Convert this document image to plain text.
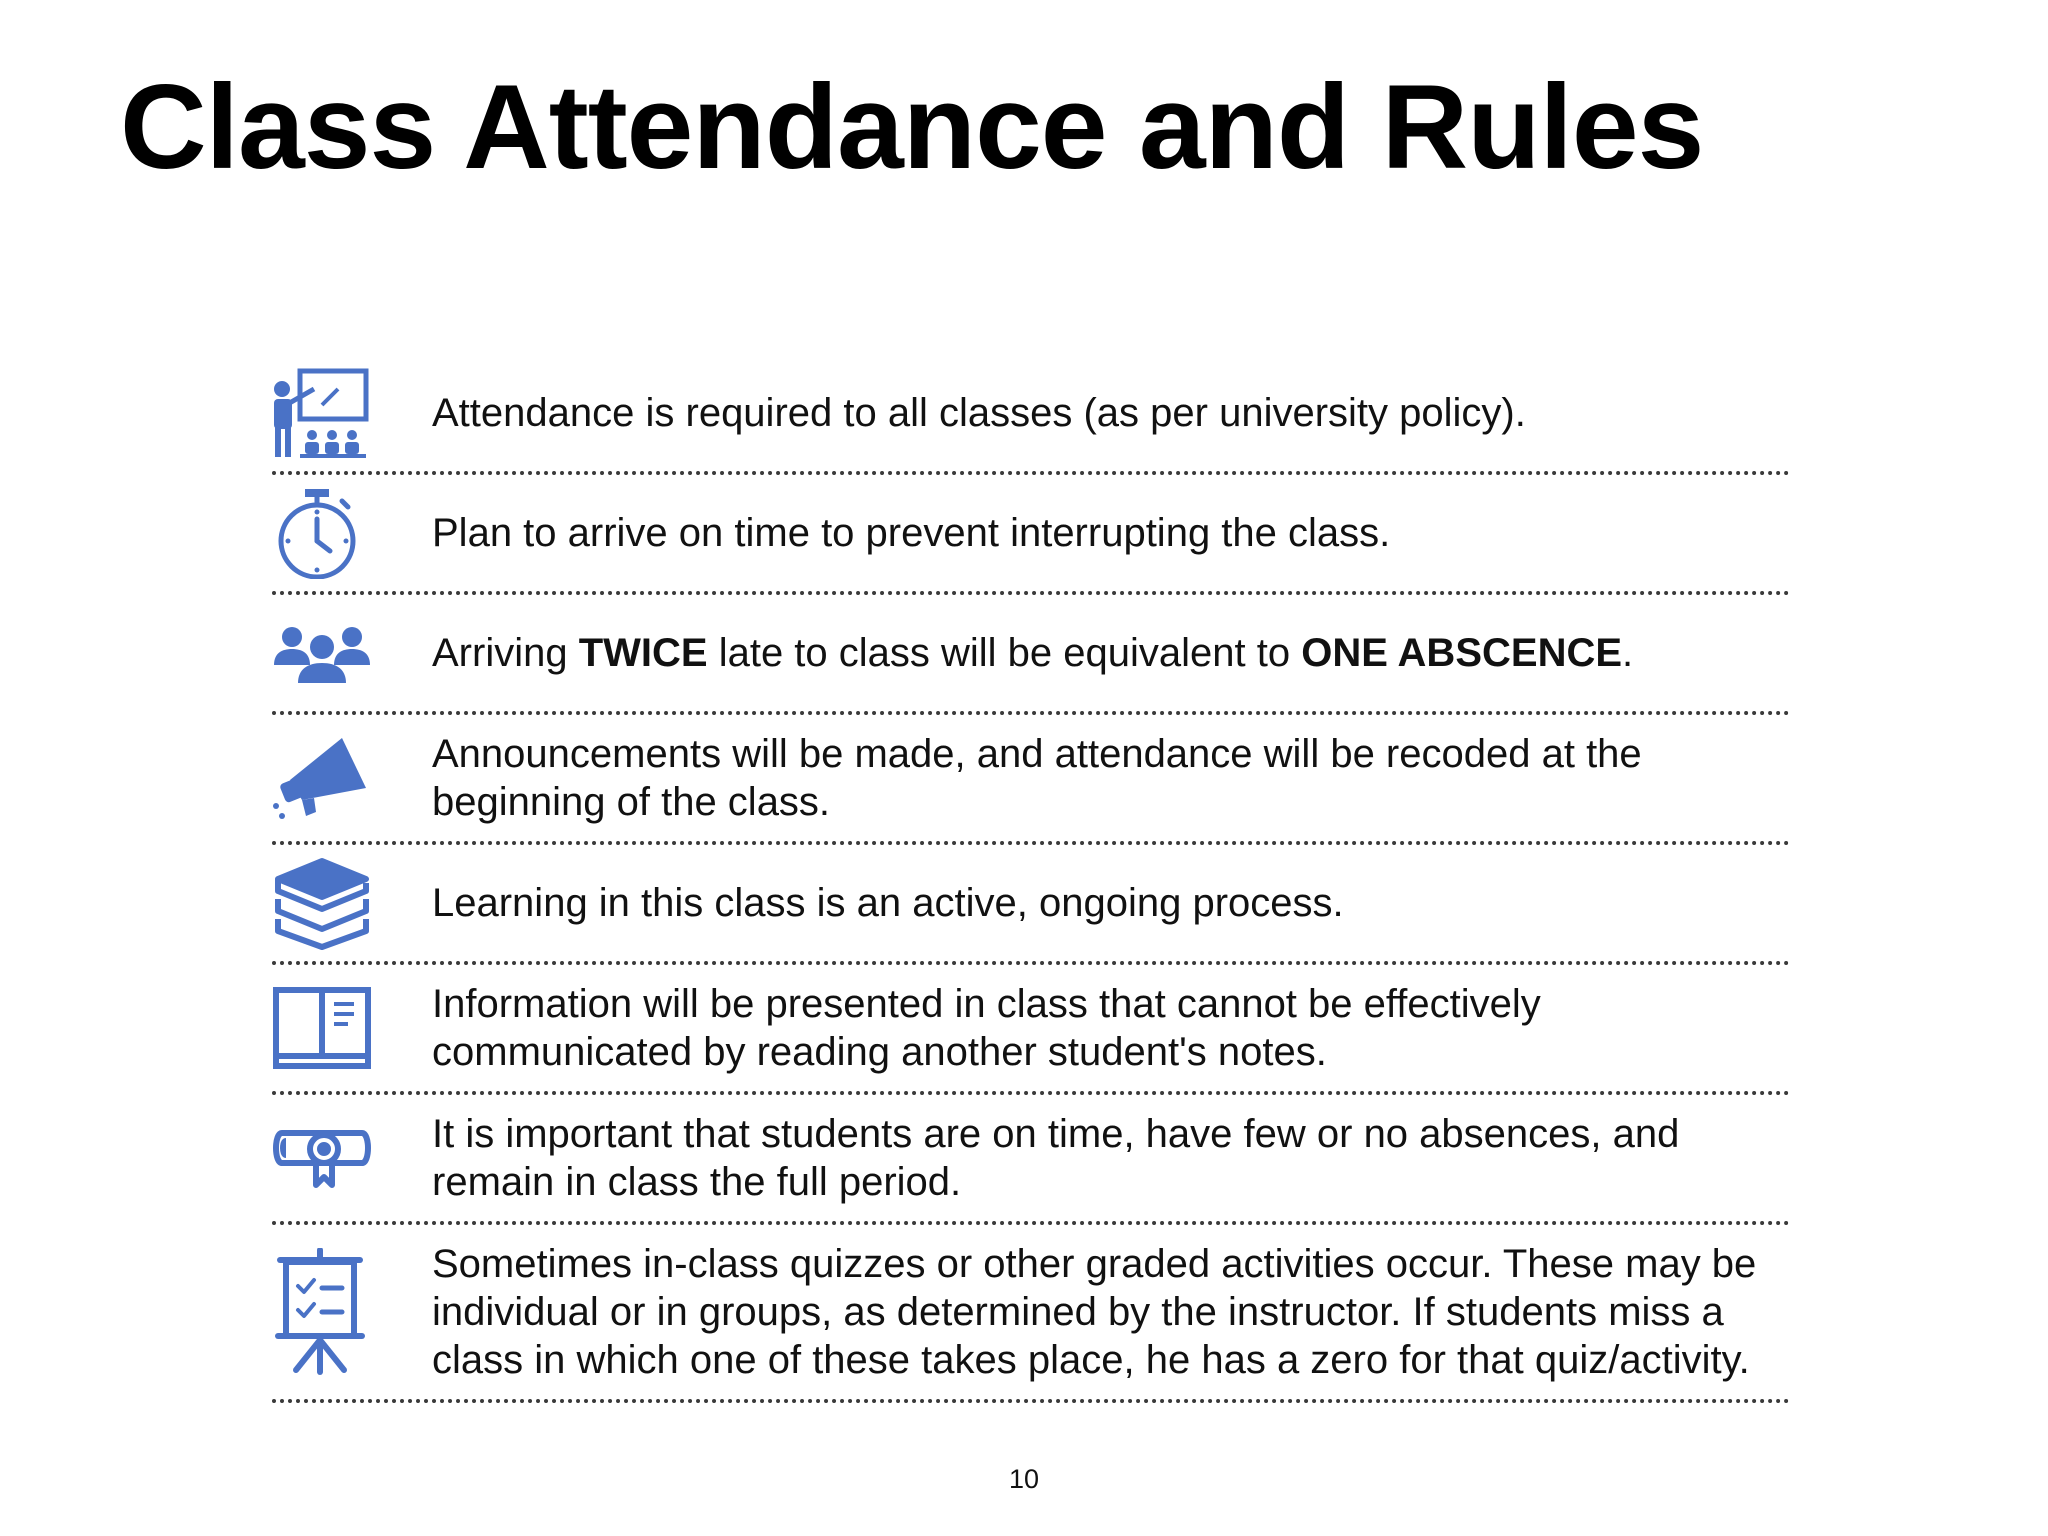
Class Attendance and Rules
Attendance is required to all classes (as per university policy).
Plan to arrive on time to prevent interrupting the class.
Arriving TWICE late to class will be equivalent to ONE ABSCENCE.
Announcements will be made, and attendance will be recoded at the beginning of the class.
Learning in this class is an active, ongoing process.
Information will be presented in class that cannot be effectively communicated by reading another student's notes.
It is important that students are on time, have few or no absences, and remain in class the full period.
Sometimes in-class quizzes or other graded activities occur. These may be individual or in groups, as determined by the instructor. If students miss a class in which one of these takes place, he has a zero for that quiz/activity.
10
